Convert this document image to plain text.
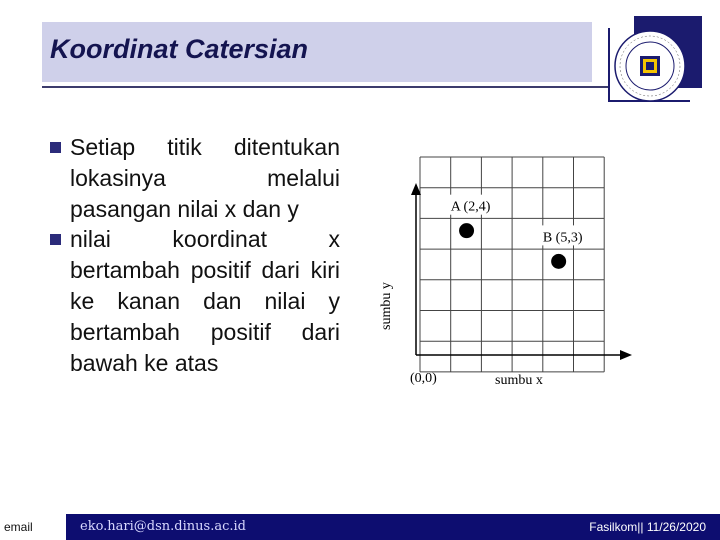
Koordinat Catersian
Setiap titik ditentukan lokasinya melalui pasangan nilai x dan y
nilai koordinat x bertambah positif dari kiri ke kanan dan nilai y bertambah positif dari bawah ke atas
(0,0)	sumbu x
sumbu y
A (2,4)
B (5,3)
email	eko.hari@dsn.dinus.ac.id	Fasilkom|| 11/26/2020
